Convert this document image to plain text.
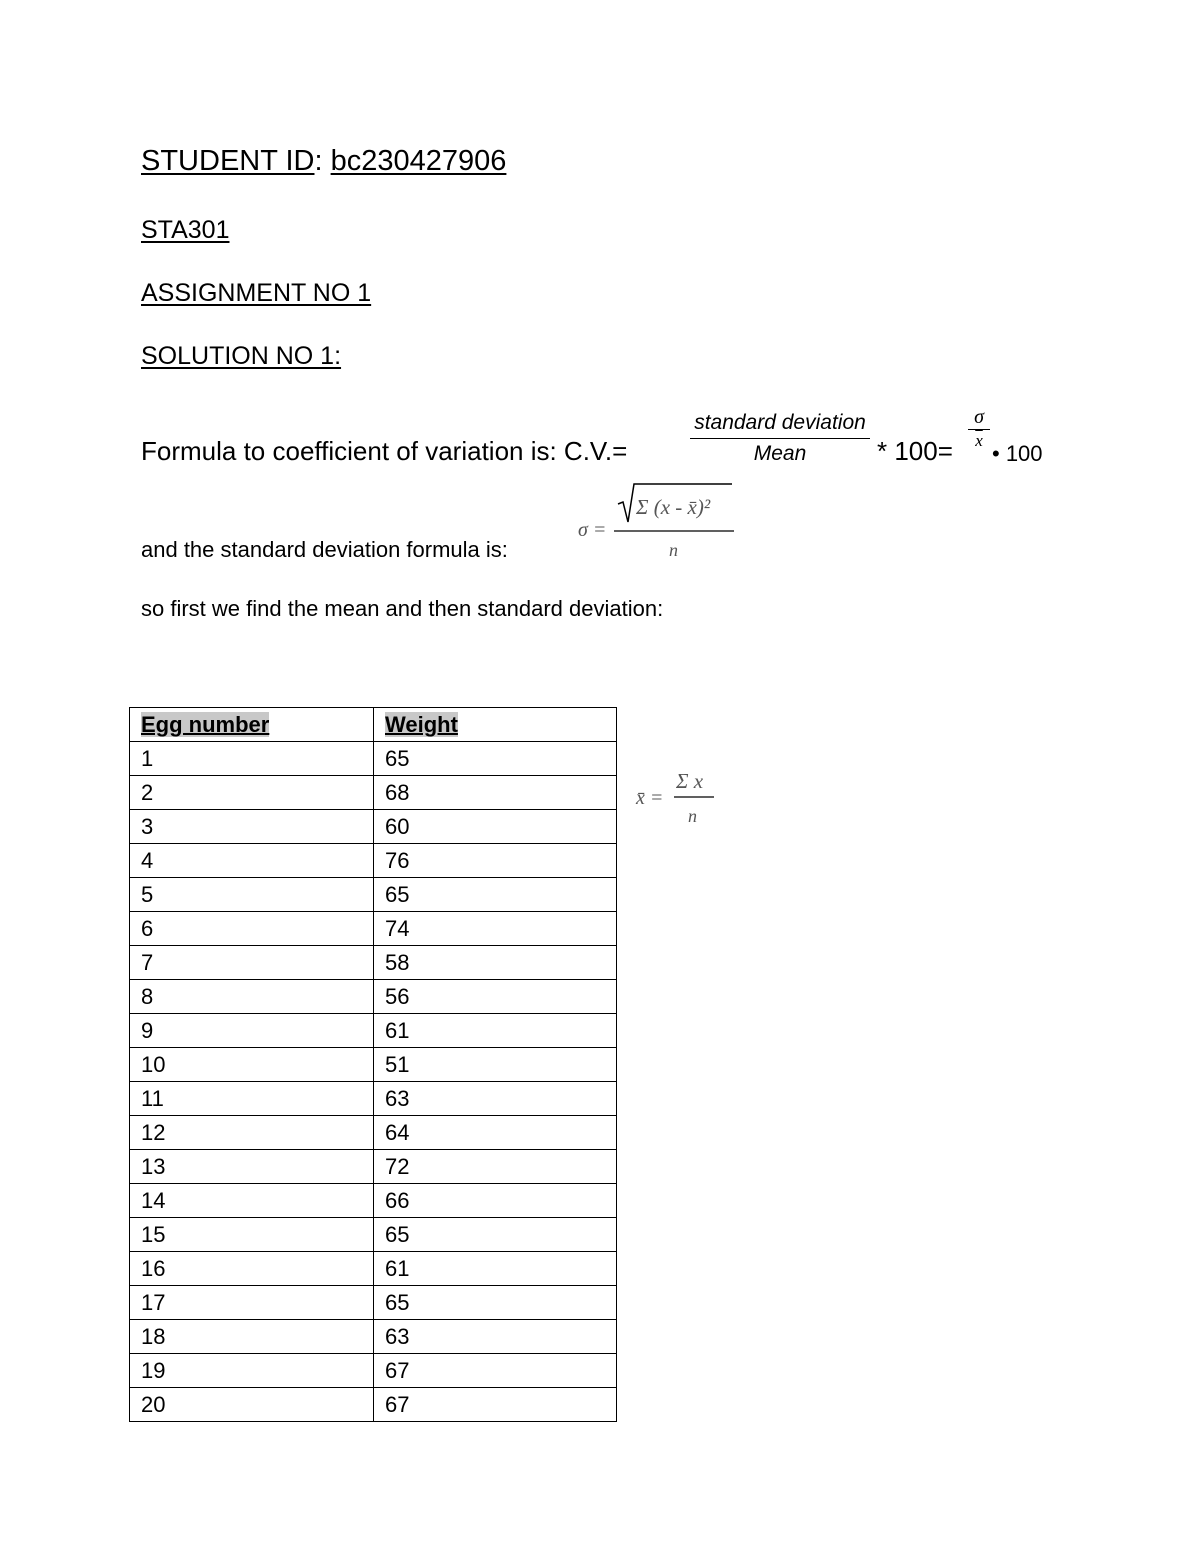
STUDENT ID: bc230427906
STA301
ASSIGNMENT NO 1
SOLUTION NO 1:
Formula to coefficient of variation is: C.V.=
standard deviation
Mean	* $100= \frac{\sigma}{x}$
• 100
and the standard deviation formula is:
σ =
Σ (x - x̄)²
n
so first we find the mean and then standard deviation:
Egg number	Weight
1	65
2	68
3	60
4	76
5	65
6	74
7	58
8	56
9	61
10	51
11	63
12	64
13	72
14	66
15	65
16	61
17	65
18	63
19	67
20	67
x̄ =
Σ x
n
